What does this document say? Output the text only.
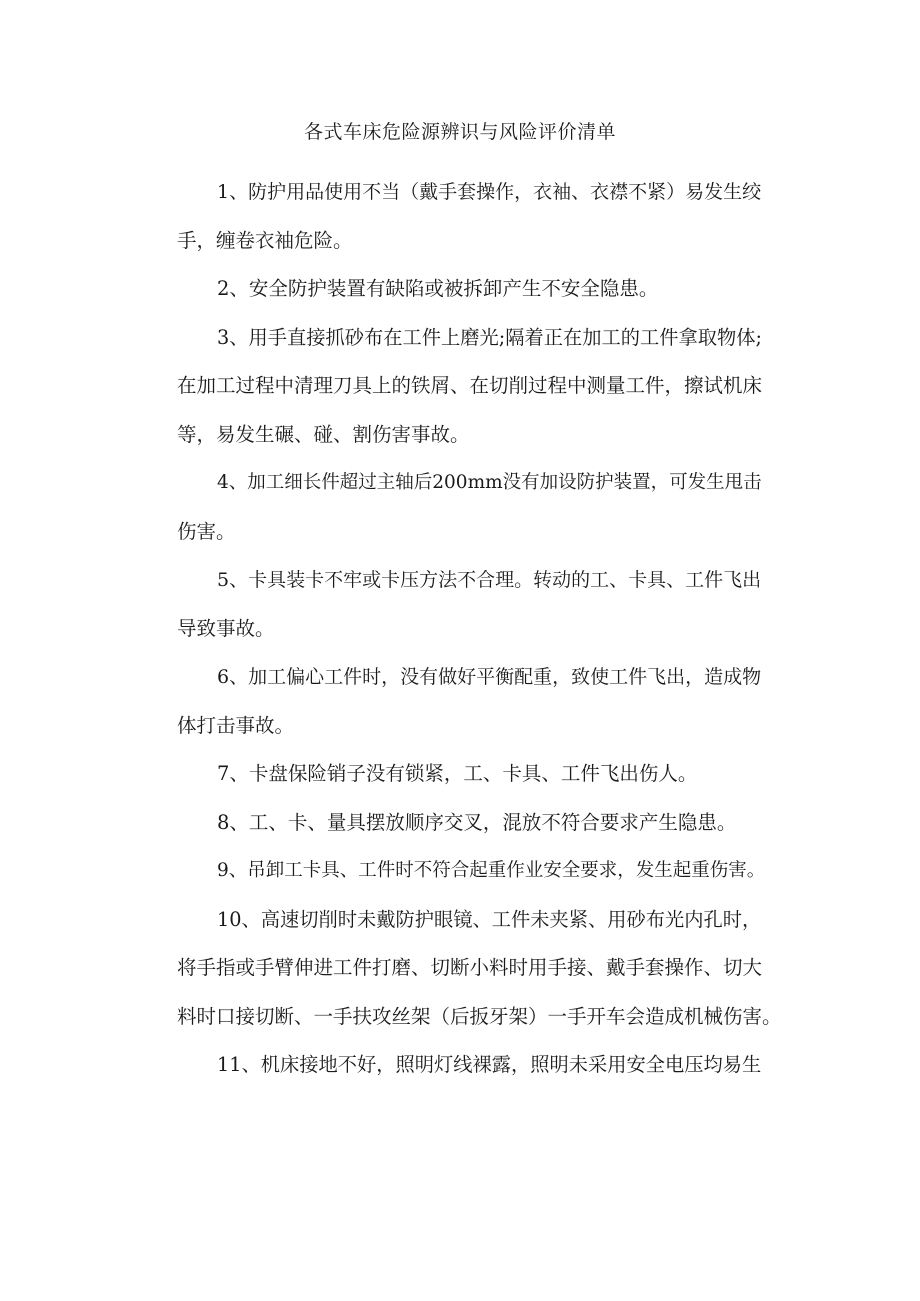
各式车床危险源辨识与风险评价清单
1、防护用品使用不当（戴手套操作，衣袖、衣襟不紧）易发生绞
手，缠卷衣袖危险。
2、安全防护装置有缺陷或被拆卸产生不安全隐患。
3、用手直接抓砂布在工件上磨光;隔着正在加工的工件拿取物体;
在加工过程中清理刀具上的铁屑、在切削过程中测量工件，擦试机床
等，易发生碾、碰、割伤害事故。
4、加工细长件超过主轴后200mm没有加设防护装置，可发生甩击
伤害。
5、卡具装卡不牢或卡压方法不合理。转动的工、卡具、工件飞出
导致事故。
6、加工偏心工件时，没有做好平衡配重，致使工件飞出，造成物
体打击事故。
7、卡盘保险销子没有锁紧，工、卡具、工件飞出伤人。
8、工、卡、量具摆放顺序交叉，混放不符合要求产生隐患。
9、吊卸工卡具、工件时不符合起重作业安全要求，发生起重伤害。
10、高速切削时未戴防护眼镜、工件未夹紧、用砂布光内孔时，
将手指或手臂伸进工件打磨、切断小料时用手接、戴手套操作、切大
料时口接切断、一手扶攻丝架（后扳牙架）一手开车会造成机械伤害。
11、机床接地不好，照明灯线裸露，照明未采用安全电压均易生
